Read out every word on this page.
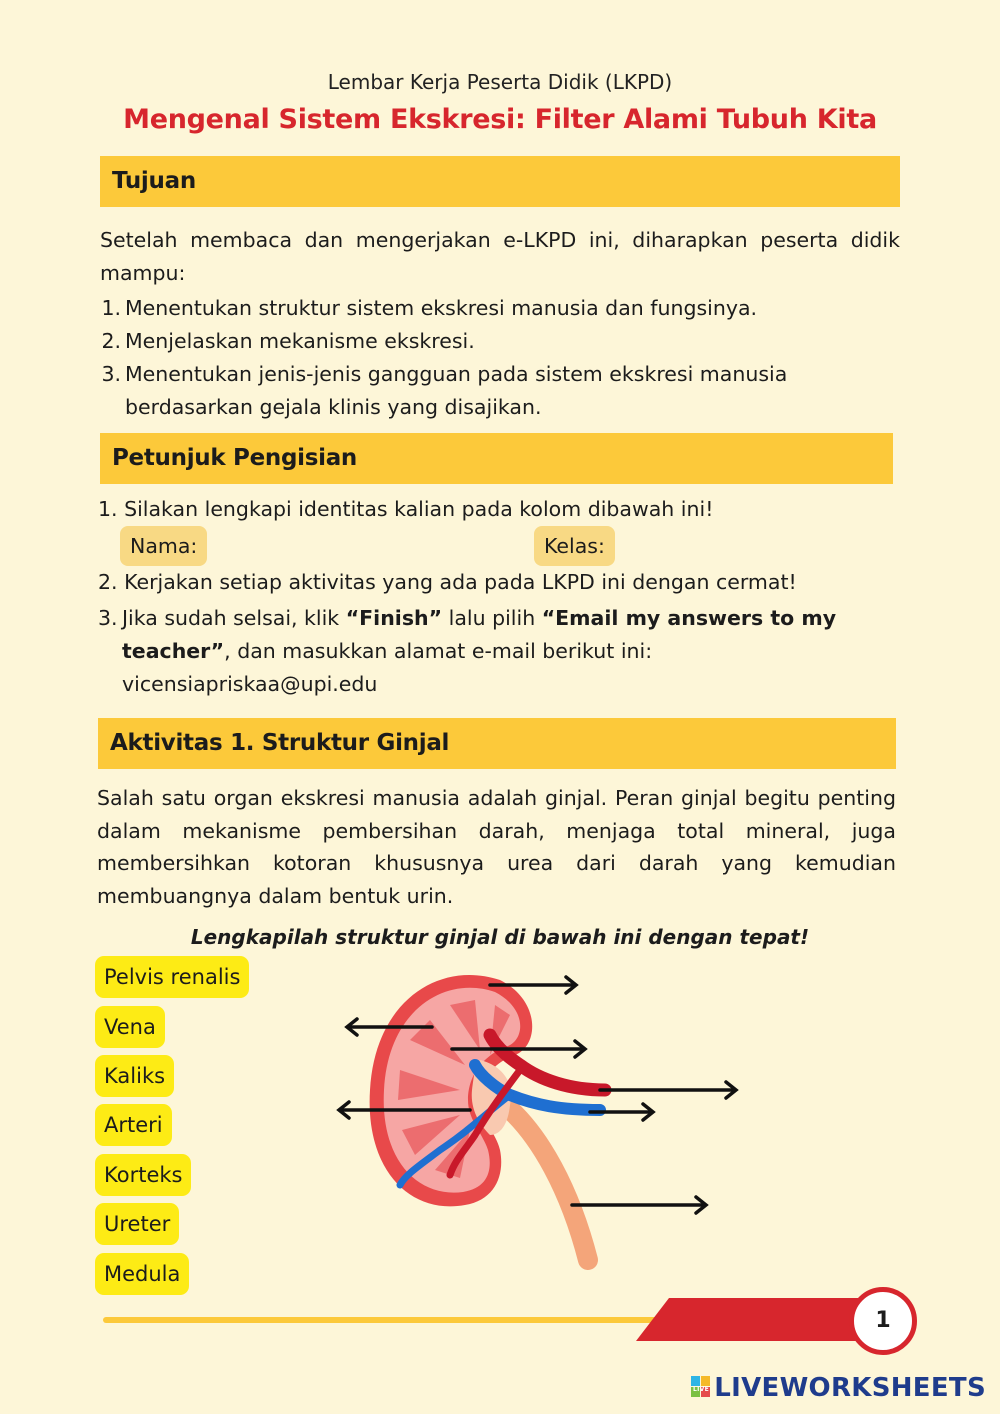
Lembar Kerja Peserta Didik (LKPD)
Mengenal Sistem Ekskresi: Filter Alami Tubuh Kita
Tujuan
Setelah membaca dan mengerjakan e-LKPD ini, diharapkan peserta didik mampu:
1. Menentukan struktur sistem ekskresi manusia dan fungsinya.
2. Menjelaskan mekanisme ekskresi.
3. Menentukan jenis-jenis gangguan pada sistem ekskresi manusia berdasarkan gejala klinis yang disajikan.
Petunjuk Pengisian
1. Silakan lengkapi identitas kalian pada kolom dibawah ini!
Nama:	Kelas:
2. Kerjakan setiap aktivitas yang ada pada LKPD ini dengan cermat!
3. Jika sudah selsai, klik “Finish” lalu pilih “Email my answers to my teacher”, dan masukkan alamat e-mail berikut ini:
vicensiapriskaa@upi.edu
Aktivitas 1. Struktur Ginjal
Salah satu organ ekskresi manusia adalah ginjal. Peran ginjal begitu penting dalam mekanisme pembersihan darah, menjaga total mineral, juga membersihkan kotoran khususnya urea dari darah yang kemudian membuangnya dalam bentuk urin.
Lengkapilah struktur ginjal di bawah ini dengan tepat!
Pelvis renalis
Vena
Kaliks
Arteri
Korteks
Ureter
Medula
1
LIVE LIVEWORKSHEETS
